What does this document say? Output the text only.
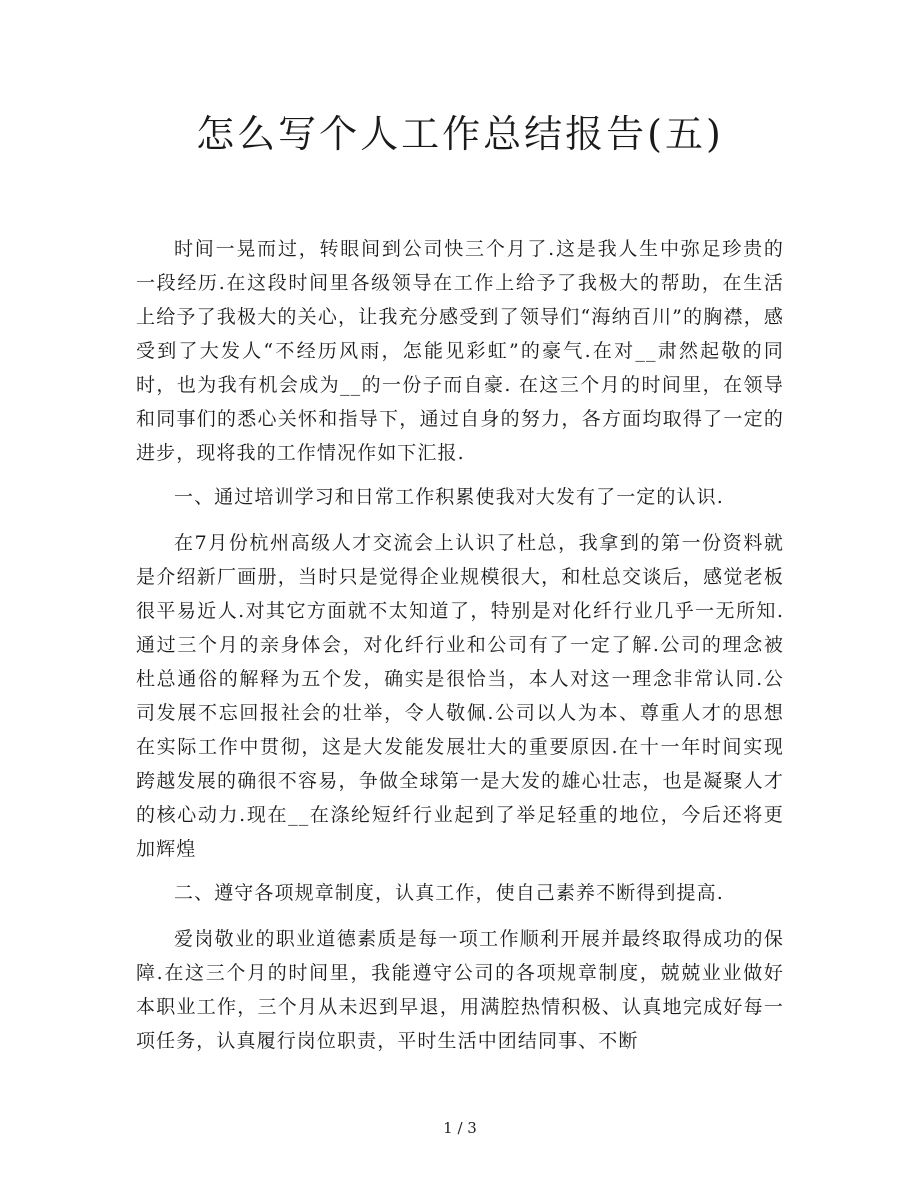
怎么写个人工作总结报告(五)

时间一晃而过，转眼间到公司快三个月了.这是我人生中弥足珍贵的一段经历.在这段时间里各级领导在工作上给予了我极大的帮助，在生活上给予了我极大的关心，让我充分感受到了领导们“海纳百川”的胸襟，感受到了大发人“不经历风雨，怎能见彩虹”的豪气.在对__肃然起敬的同时，也为我有机会成为__的一份子而自豪. 在这三个月的时间里，在领导和同事们的悉心关怀和指导下，通过自身的努力，各方面均取得了一定的进步，现将我的工作情况作如下汇报.

一、通过培训学习和日常工作积累使我对大发有了一定的认识.

在7月份杭州高级人才交流会上认识了杜总，我拿到的第一份资料就是介绍新厂画册，当时只是觉得企业规模很大，和杜总交谈后，感觉老板很平易近人.对其它方面就不太知道了，特别是对化纤行业几乎一无所知.通过三个月的亲身体会，对化纤行业和公司有了一定了解.公司的理念被杜总通俗的解释为五个发，确实是很恰当，本人对这一理念非常认同.公司发展不忘回报社会的壮举，令人敬佩.公司以人为本、尊重人才的思想在实际工作中贯彻，这是大发能发展壮大的重要原因.在十一年时间实现跨越发展的确很不容易，争做全球第一是大发的雄心壮志，也是凝聚人才的核心动力.现在__在涤纶短纤行业起到了举足轻重的地位，今后还将更加辉煌

二、遵守各项规章制度，认真工作，使自己素养不断得到提高.

爱岗敬业的职业道德素质是每一项工作顺利开展并最终取得成功的保障.在这三个月的时间里，我能遵守公司的各项规章制度，兢兢业业做好本职业工作，三个月从未迟到早退，用满腔热情积极、认真地完成好每一项任务，认真履行岗位职责，平时生活中团结同事、不断

1 / 3
